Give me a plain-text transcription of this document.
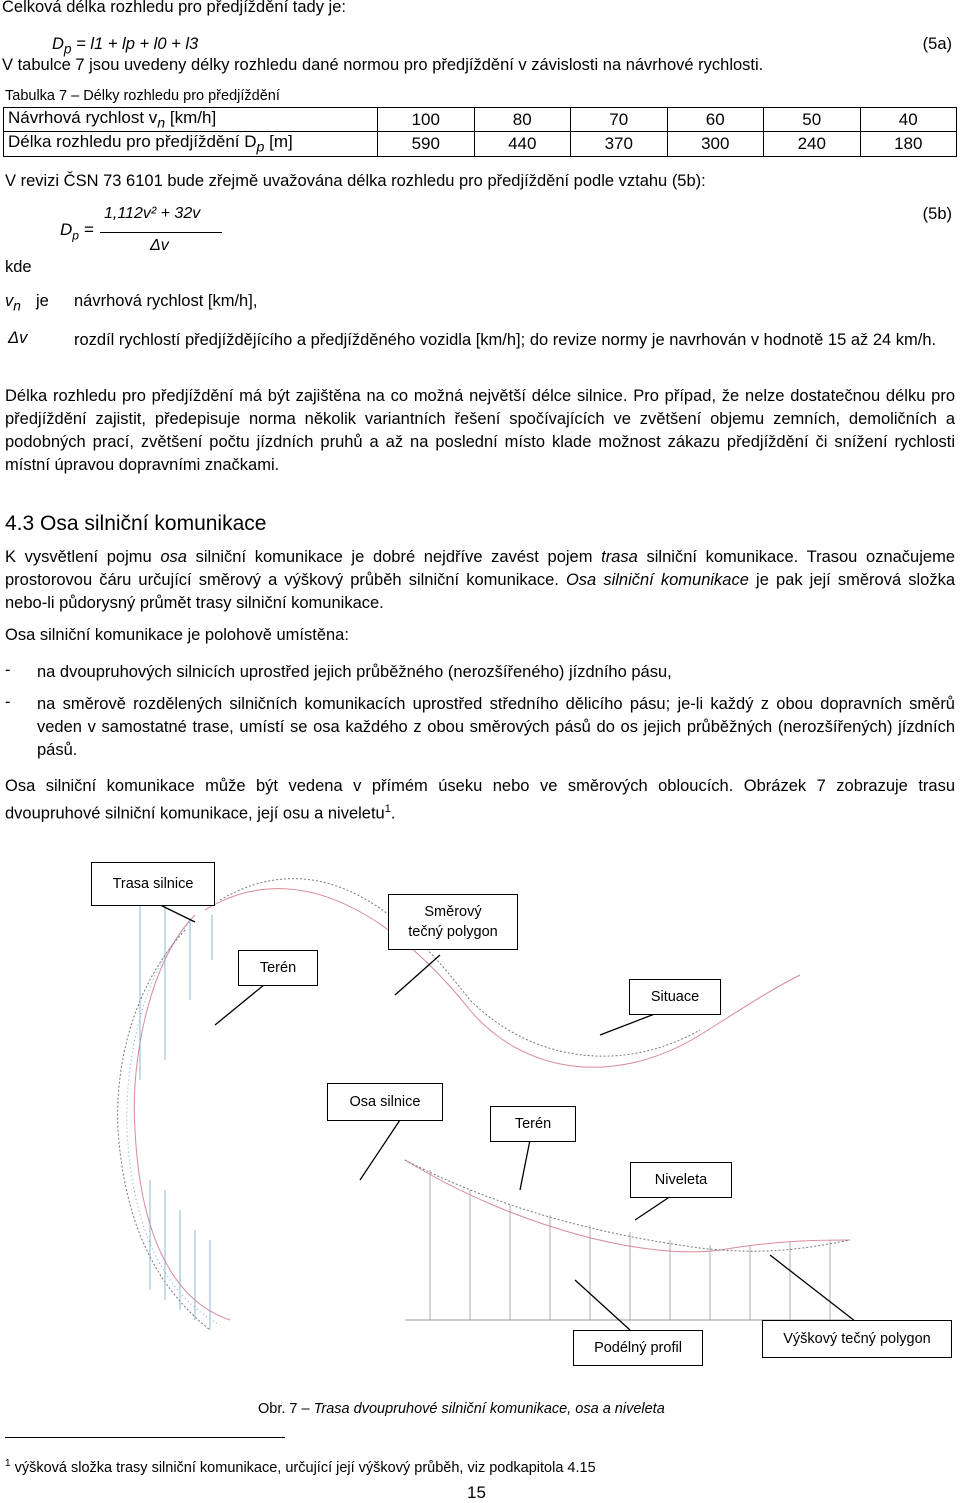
Celková délka rozhledu pro předjíždění tady je:
$D_p = l1$ + lp + l0 + l3	(5a)
V tabulce 7 jsou uvedeny délky rozhledu dané normou pro předjíždění v závislosti na návrhové rychlosti.
Tabulka 7 – Délky rozhledu pro předjíždění
Návrhová rychlost $v_n$ [km/h]	100	80	70	60	50	40
Délka rozhledu pro předjíždění $D_p$ [m]	590	440	370	300	240	180
V revizi ČSN 73 6101 bude zřejmě uvažována délka rozhledu pro předjíždění podle vztahu (5b):
$D_p$ =
1,112v² + 32v
Δv
(5b)
kde
$v_n$ je návrhová rychlost [km/h],
Δv	rozdíl rychlostí předjíždějícího a předjížděného vozidla [km/h]; do revize normy je navrhován v hodnotě 15 až 24 km/h.
Délka rozhledu pro předjíždění má být zajištěna na co možná největší délce silnice. Pro případ, že nelze dostatečnou délku pro předjíždění zajistit, předepisuje norma několik variantních řešení spočívajících ve zvětšení objemu zemních, demoličních a podobných prací, zvětšení počtu jízdních pruhů a až na poslední místo klade možnost zákazu předjíždění či snížení rychlosti místní úpravou dopravními značkami.
4.3 Osa silniční komunikace
K vysvětlení pojmu osa silniční komunikace je dobré nejdříve zavést pojem trasa silniční komunikace. Trasou označujeme prostorovou čáru určující směrový a výškový průběh silniční komunikace. Osa silniční komunikace je pak její směrová složka nebo-li půdorysný průmět trasy silniční komunikace.
Osa silniční komunikace je polohově umístěna:
- na dvoupruhových silnicích uprostřed jejich průběžného (nerozšířeného) jízdního pásu,
- na směrově rozdělených silničních komunikacích uprostřed středního dělicího pásu; je-li každý z obou dopravních směrů veden v samostatné trase, umístí se osa každého z obou směrových pásů do os jejich průběžných (nerozšířených) jízdních pásů.
Osa silniční komunikace může být vedena v přímém úseku nebo ve směrových obloucích. Obrázek 7 zobrazuje trasu dvoupruhové silniční komunikace, její osu a niveletu$^1$.
Trasa silnice
Směrový
tečný polygon
Terén
Situace
Osa silnice
Terén
Niveleta
Podélný profil
Výškový tečný polygon
Obr. 7 – Trasa dvoupruhové silniční komunikace, osa a niveleta
$^1$ výšková složka trasy silniční komunikace, určující její výškový průběh, viz podkapitola 4.15
15
